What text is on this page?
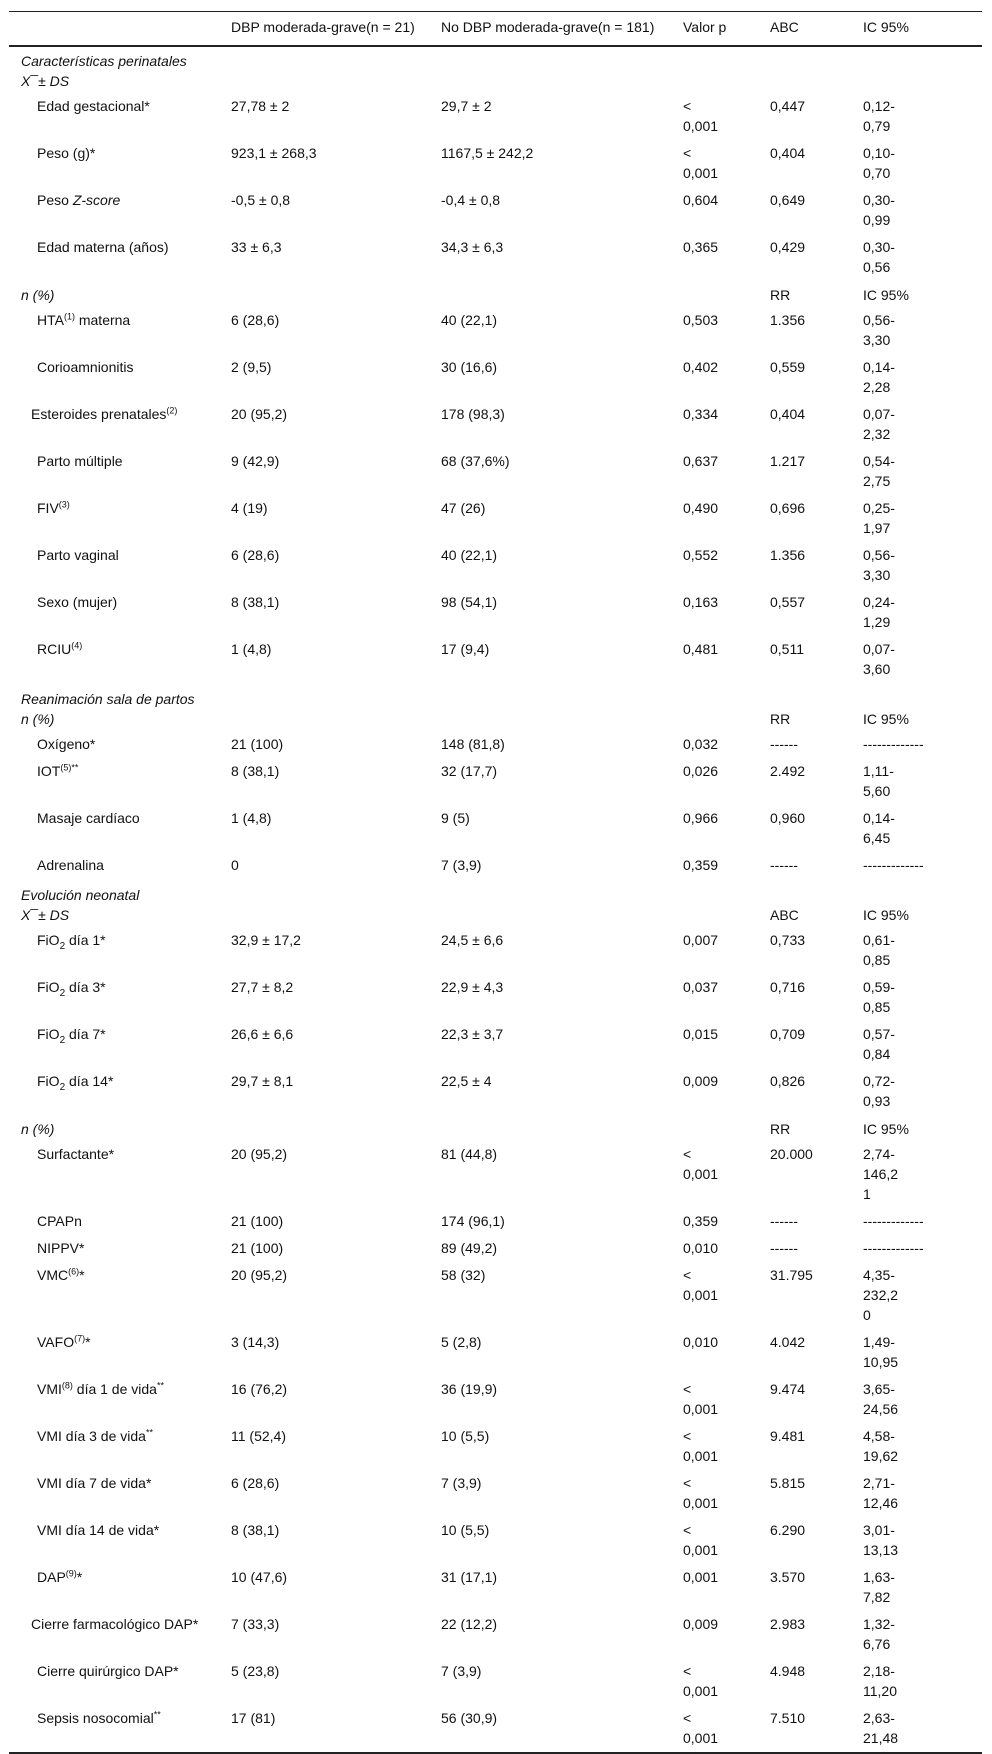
	DBP moderada-grave(n = 21)	No DBP moderada-grave(n = 181)	Valor p	ABC	IC 95%
Características perinatales					
X¯± DS					
Edad gestacional*	27,78 ± 2	29,7 ± 2	< 0,001	0,447	0,12-0,79
Peso (g)*	923,1 ± 268,3	1167,5 ± 242,2	< 0,001	0,404	0,10-0,70
Peso Z-score	-0,5 ± 0,8	-0,4 ± 0,8	0,604	0,649	0,30-0,99
Edad materna (años)	33 ± 6,3	34,3 ± 6,3	0,365	0,429	0,30-0,56
n (%)				RR	IC 95%
HTA$^{(1)}$ materna	6 (28,6)	40 (22,1)	0,503	1.356	0,56-3,30
Corioamnionitis	2 (9,5)	30 (16,6)	0,402	0,559	0,14-2,28
Esteroides prenatales$^{(2)}$	20 (95,2)	178 (98,3)	0,334	0,404	0,07-2,32
Parto múltiple	9 (42,9)	68 (37,6%)	0,637	1.217	0,54-2,75
FIV$^{(3)}$	4 (19)	47 (26)	0,490	0,696	0,25-1,97
Parto vaginal	6 (28,6)	40 (22,1)	0,552	1.356	0,56-3,30
Sexo (mujer)	8 (38,1)	98 (54,1)	0,163	0,557	0,24-1,29
RCIU$^{(4)}$	1 (4,8)	17 (9,4)	0,481	0,511	0,07-3,60
Reanimación sala de partos					
n (%)				RR	IC 95%
Oxígeno*	21 (100)	148 (81,8)	0,032	------	-------------
$IOT^{(5)**}$	8 (38,1)	32 (17,7)	0,026	2.492	1,11-5,60
Masaje cardíaco	1 (4,8)	9 (5)	0,966	0,960	0,14-6,45
Adrenalina	0	7 (3,9)	0,359	------	-------------
Evolución neonatal					
X¯± DS				ABC	IC 95%
FiO$_2$ día 1*	32,9 ± 17,2	24,5 ± 6,6	0,007	0,733	0,61-0,85
FiO$_2$ día 3*	27,7 ± 8,2	22,9 ± 4,3	0,037	0,716	0,59-0,85
FiO$_2$ día 7*	26,6 ± 6,6	22,3 ± 3,7	0,015	0,709	0,57-0,84
FiO$_2$ día 14*	29,7 ± 8,1	22,5 ± 4	0,009	0,826	0,72-0,93
n (%)				RR	IC 95%
Surfactante*	20 (95,2)	81 (44,8)	< 0,001	20.000	2,74-146,21
CPAPn	21 (100)	174 (96,1)	0,359	------	-------------
NIPPV*	21 (100)	89 (49,2)	0,010	------	-------------
VMC$^{(6)}$*	20 (95,2)	58 (32)	< 0,001	31.795	4,35-232,20
VAFO$^{(7)}$*	3 (14,3)	5 (2,8)	0,010	4.042	1,49-10,95
VMI$^{(8)}$ día 1 de vida**	16 (76,2)	36 (19,9)	< 0,001	9.474	3,65-24,56
VMI día 3 de vida**	11 (52,4)	10 (5,5)	< 0,001	9.481	4,58-19,62
VMI día 7 de vida*	6 (28,6)	7 (3,9)	< 0,001	5.815	2,71-12,46
VMI día 14 de vida*	8 (38,1)	10 (5,5)	< 0,001	6.290	3,01-13,13
DAP$^{(9)}$*	10 (47,6)	31 (17,1)	0,001	3.570	1,63-7,82
Cierre farmacológico DAP*	7 (33,3)	22 (12,2)	0,009	2.983	1,32-6,76
Cierre quirúrgico DAP*	5 (23,8)	7 (3,9)	< 0,001	4.948	2,18-11,20
Sepsis nosocomial**	17 (81)	56 (30,9)	< 0,001	7.510	2,63-21,48
